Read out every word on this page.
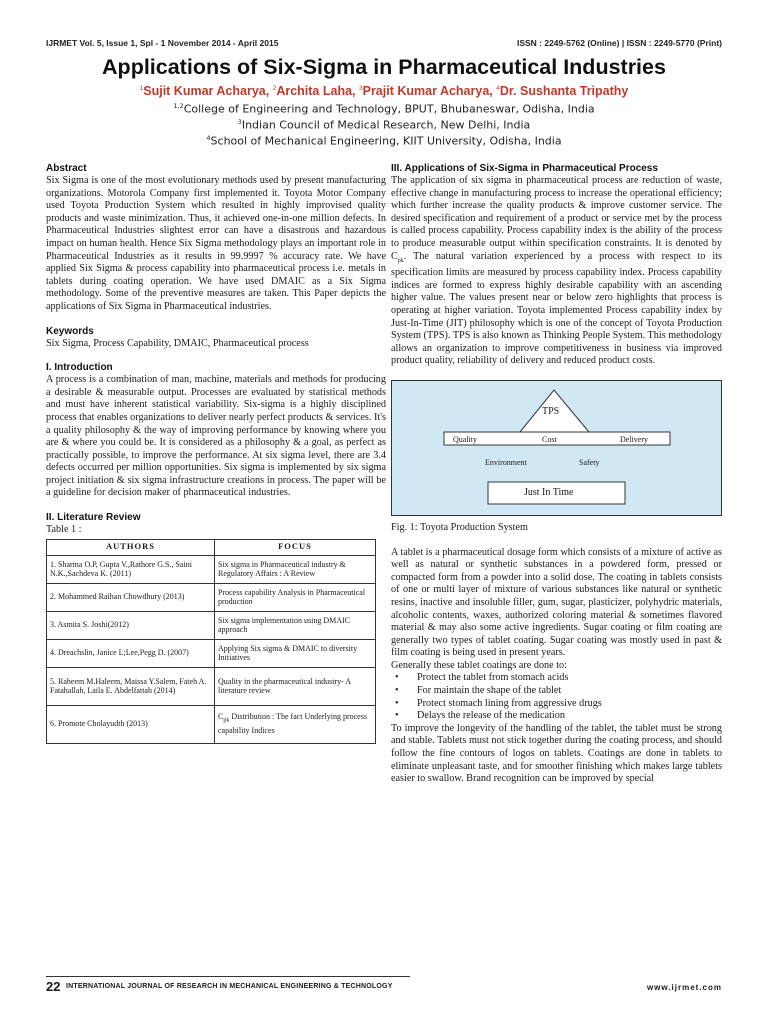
IJRMET Vol. 5, Issue 1, Spl - 1 November 2014 - April 2015	ISSN : 2249-5762 (Online) | ISSN : 2249-5770 (Print)
Applications of Six-Sigma in Pharmaceutical Industries
$^1$Sujit Kumar Acharya, $^2$Archita Laha, $^3$Prajit Kumar Acharya, $^4$Dr. Sushanta Tripathy
$^{1,2}$College of Engineering and Technology, BPUT, Bhubaneswar, Odisha, India
$^3$Indian Council of Medical Research, New Delhi, India
$^4$School of Mechanical Engineering, KIIT University, Odisha, India
Abstract

Six Sigma is one of the most evolutionary methods used by present manufacturing organizations. Motorola Company first implemented it. Toyota Motor Company used Toyota Production System which resulted in highly improvised quality products and waste minimization. Thus, it achieved one-in-one million defects. In Pharmaceutical Industries slightest error can have a disastrous and hazardous impact on human health. Hence Six Sigma methodology plays an important role in Pharmaceutical Industries as it results in 99.9997 % accuracy rate. We have applied Six Sigma & process capability into pharmaceutical process i.e. metals in tablets during coating operation. We have used DMAIC as a Six Sigma methodology. Some of the preventive measures are taken. This Paper depicts the applications of Six Sigma in Pharmaceutical industries.

Keywords

Six Sigma, Process Capability, DMAIC, Pharmaceutical process

I. Introduction

A process is a combination of man, machine, materials and methods for producing a desirable & measurable output. Processes are evaluated by statistical methods and must have inherent statistical variability. Six-sigma is a highly disciplined process that enables organizations to deliver nearly perfect products & services. It's a quality philosophy & the way of improving performance by knowing where you are & where you could be. It is considered as a philosophy & a goal, as perfect as practically possible, to improve the performance. At six sigma level, there are 3.4 defects occurred per million opportunities. Six sigma is implemented by six sigma project initiation & six sigma infrastructure creations in process. The paper will be a guideline for decision maker of pharmaceutical industries.

II. Literature Review

Table 1 :

AUTHORS	FOCUS
1. Sharma O.P, Gupta V.,Rathore G.S., Saini N.K.,Sachdeva K. (2011)	Six sigma in Pharmaceutical industry & Regulatory Affairs : A Review
2. Mohammed Raihan Chowdhury (2013)	Process capability Analysis in Pharmaceutical production
3. Asmita S. Joshi(2012)	Six sigma implementation using DMAIC approach
4. Dreachslin, Janice L;Lee,Pegg D. (2007)	Applying Six sigma & DMAIC to diversity Initiatives
5. Raheem M.Haleem, Maissa Y.Salem, Fateh A. Fatahallah, Laila E. Abdelfattah (2014)	Quality in the pharmaceutical industry- A literature review
6. Promote Cholayudth (2013)	$C_{pk}$ Distribution : The fact Underlying process capability Indices
III. Applications of Six-Sigma in Pharmaceutical Process

The application of six sigma in pharmaceutical process are reduction of waste, effective change in manufacturing process to increase the operational efficiency; which further increase the quality products & improve customer service. The desired specification and requirement of a product or service met by the process is called process capability. Process capability index is the ability of the process to produce measurable output within specification constraints. It is denoted by $C_{pk}$. The natural variation experienced by a process with respect to its specification limits are measured by process capability index. Process capability indices are formed to express highly desirable capability with an ascending higher value. The values present near or below zero highlights that process is operating at higher variation. Toyota implemented Process capability index by Just-In-Time (JIT) philosophy which is one of the concept of Toyota Production System (TPS). TPS is also known as Thinking People System. This methodology allows an organization to improve competitiveness in business via improved product quality, reliability of delivery and reduced product costs.

TPS
Quality	Cost	Delivery
Environment	Safety
Just In Time

Fig. 1: Toyota Production System

A tablet is a pharmaceutical dosage form which consists of a mixture of active as well as natural or synthetic substances in a powdered form, pressed or compacted form from a powder into a solid dose. The coating in tablets consists of one or multi layer of mixture of various substances like natural or synthetic resins, inactive and insoluble filler, gum, sugar, plasticizer, polyhydric materials, alcoholic contents, waxes, authorized coloring material & sometimes flavored material & may also some active ingredients. Sugar coating or film coating are generally two types of tablet coating. Sugar coating was mostly used in past & film coating is being used in present years.

Generally these tablet coatings are done to:

• Protect the tablet from stomach acids
• For maintain the shape of the tablet
• Protect stomach lining from aggressive drugs
• Delays the release of the medication

To improve the longevity of the handling of the tablet, the tablet must be strong and stable. Tablets must not stick together during the coating process, and should follow the fine contours of logos on tablets. Coatings are done in tablets to eliminate unpleasant taste, and for smoother finishing which makes large tablets easier to swallow. Brand recognition can be improved by special

22 INTERNATIONAL JOURNAL OF RESEARCH IN MECHANICAL ENGINEERING & TECHNOLOGY	www.ijrmet.com
